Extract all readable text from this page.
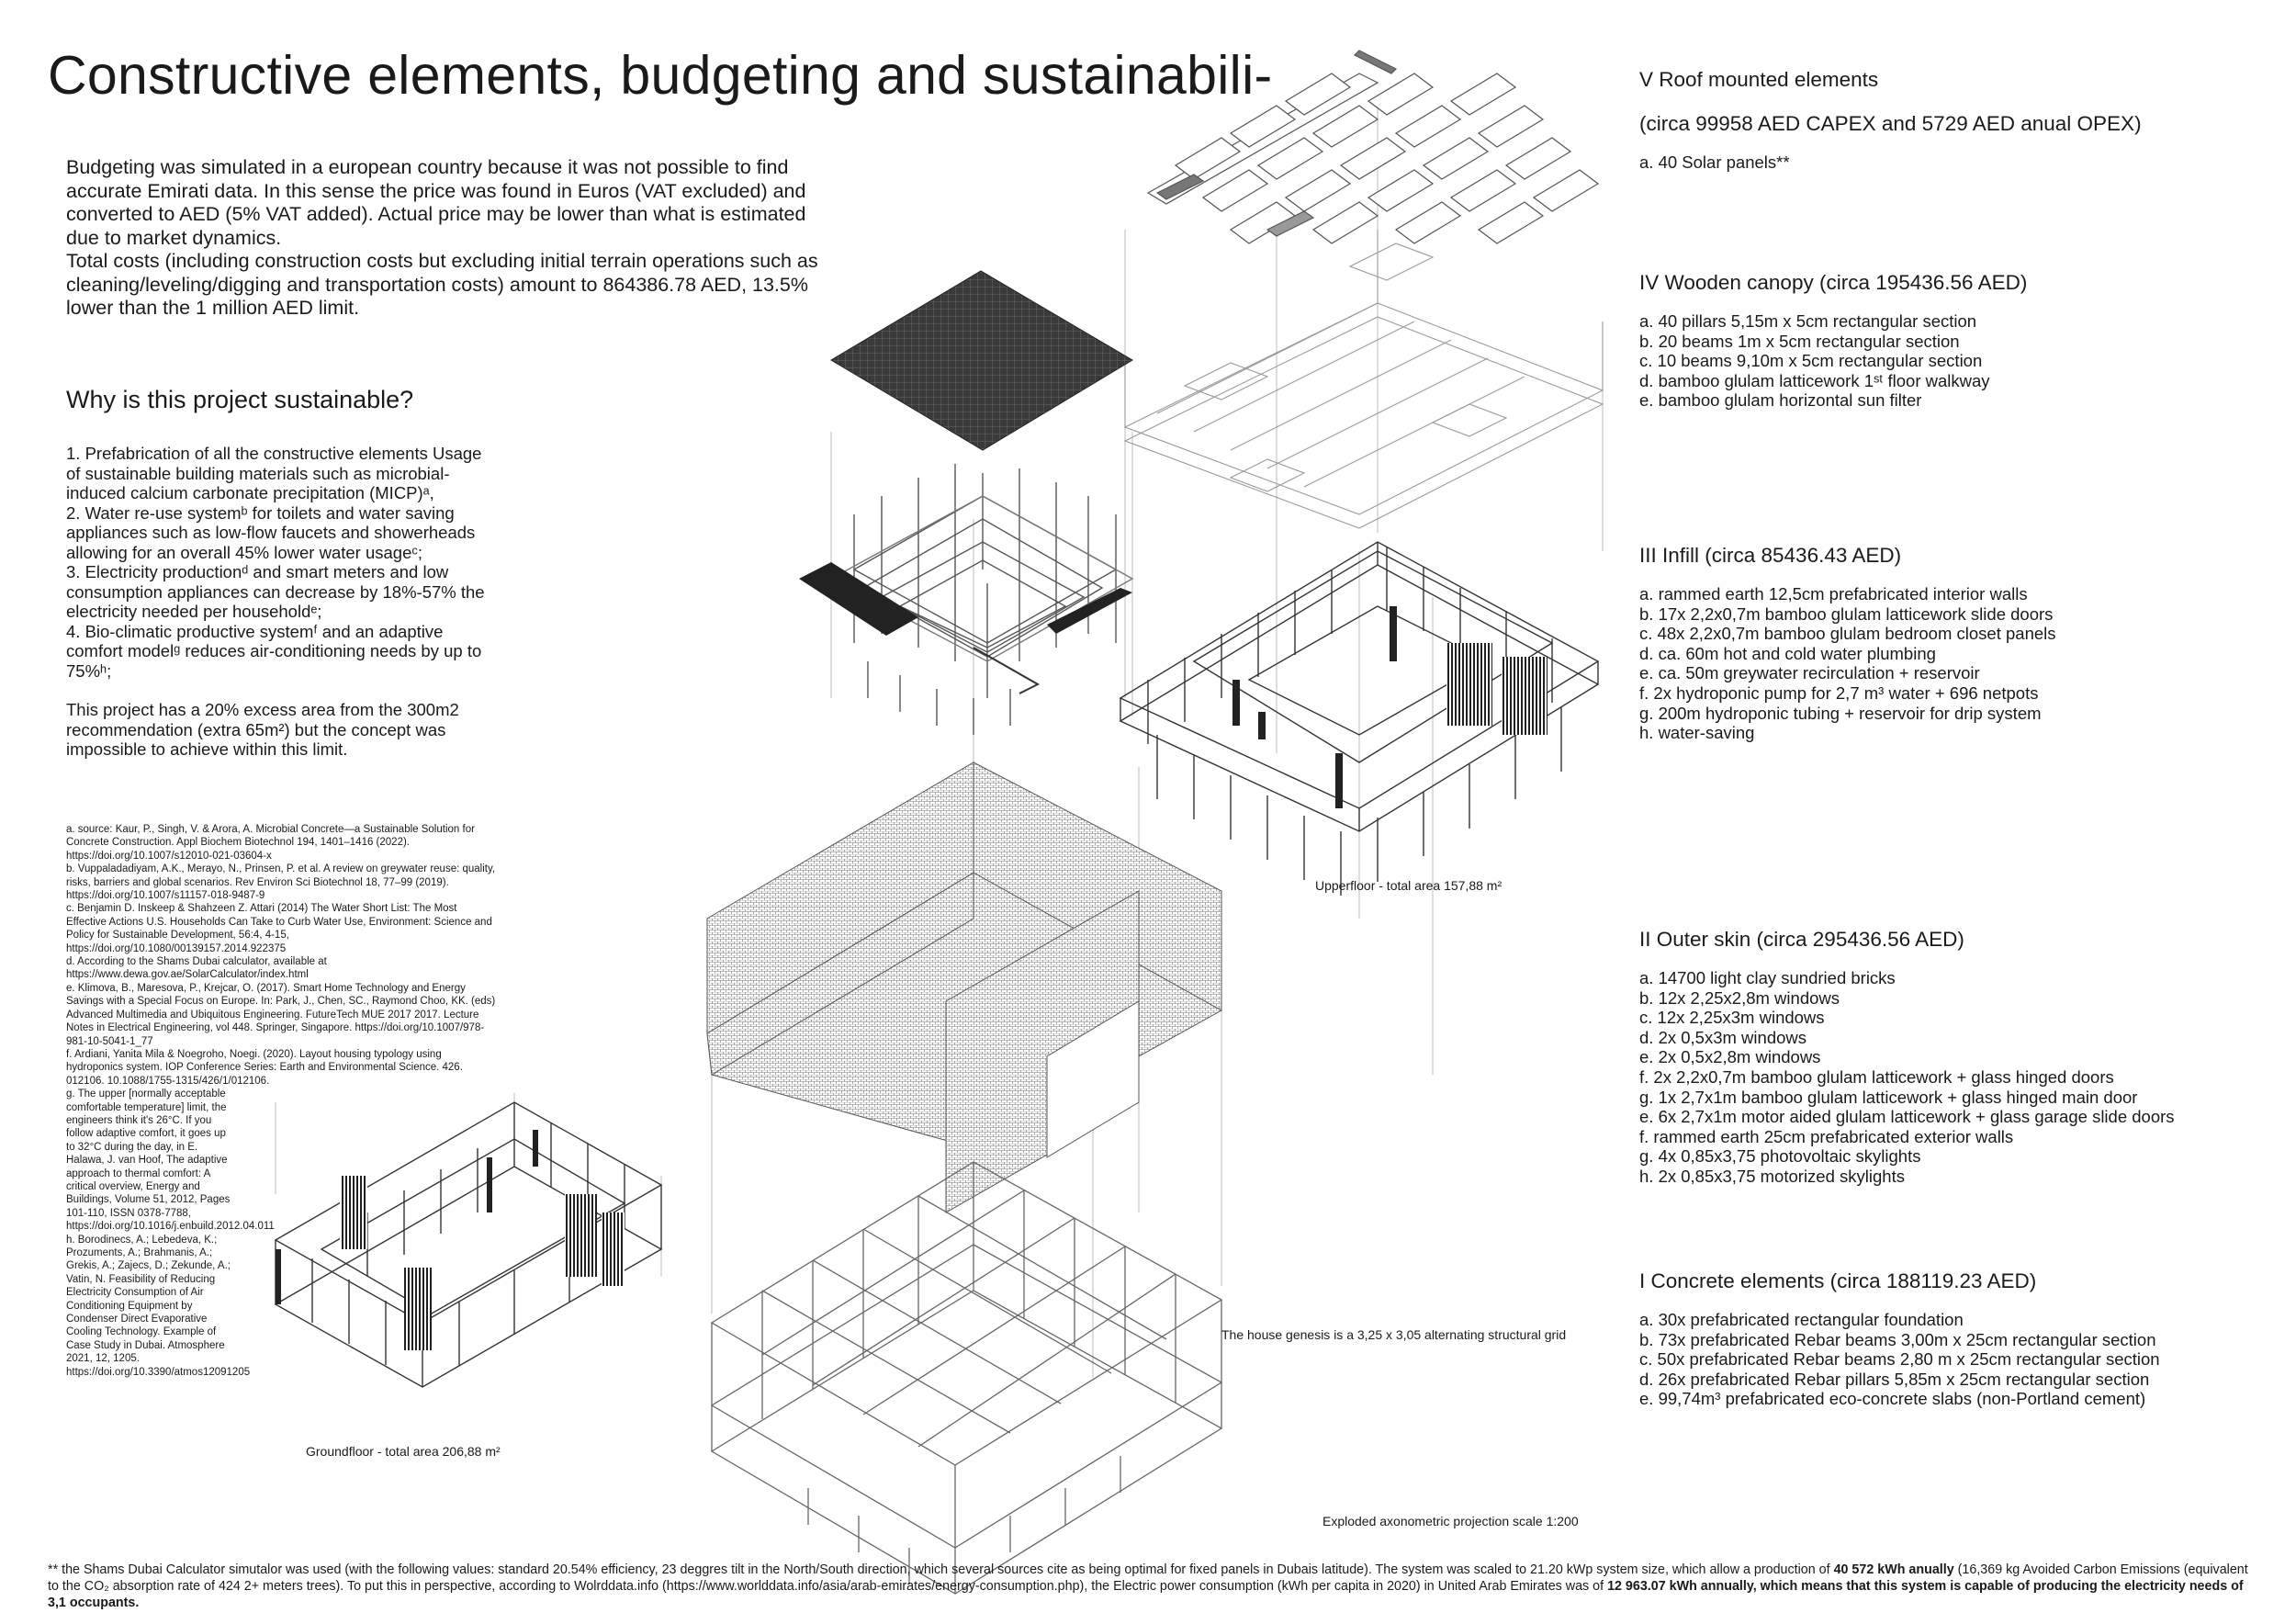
Constructive elements, budgeting and sustainabili-

Budgeting was simulated in a european country because it was not possible to find accurate Emirati data. In this sense the price was found in Euros (VAT excluded) and converted to AED (5% VAT added). Actual price may be lower than what is estimated due to market dynamics.

Total costs (including construction costs but excluding initial terrain operations such as cleaning/leveling/digging and transportation costs) amount to 864386.78 AED, 13.5% lower than the 1 million AED limit.

Why is this project sustainable?

1. Prefabrication of all the constructive elements Usage of sustainable building materials such as microbial-induced calcium carbonate precipitation (MICP)ᵃ,

2. Water re-use systemᵇ for toilets and water saving appliances such as low-flow faucets and showerheads allowing for an overall 45% lower water usageᶜ;

3. Electricity productionᵈ and smart meters and low consumption appliances can decrease by 18%-57% the electricity needed per householdᵉ;

4. Bio-climatic productive systemᶠ and an adaptive comfort modelᵍ reduces air-conditioning needs by up to 75%ʰ;

This project has a 20% excess area from the 300m2 recommendation (extra 65m²) but the concept was impossible to achieve within this limit.

a. source: Kaur, P., Singh, V. & Arora, A. Microbial Concrete—a Sustainable Solution for Concrete Construction. Appl Biochem Biotechnol 194, 1401–1416 (2022). https://doi.org/10.1007/s12010-021-03604-x

b. Vuppaladadiyam, A.K., Merayo, N., Prinsen, P. et al. A review on greywater reuse: quality, risks, barriers and global scenarios. Rev Environ Sci Biotechnol 18, 77–99 (2019). https://doi.org/10.1007/s11157-018-9487-9

c. Benjamin D. Inskeep & Shahzeen Z. Attari (2014) The Water Short List: The Most Effective Actions U.S. Households Can Take to Curb Water Use, Environment: Science and Policy for Sustainable Development, 56:4, 4-15, https://doi.org/10.1080/00139157.2014.922375

d. According to the Shams Dubai calculator, available at https://www.dewa.gov.ae/SolarCalculator/index.html

e. Klimova, B., Maresova, P., Krejcar, O. (2017). Smart Home Technology and Energy Savings with a Special Focus on Europe. In: Park, J., Chen, SC., Raymond Choo, KK. (eds) Advanced Multimedia and Ubiquitous Engineering. FutureTech MUE 2017 2017. Lecture Notes in Electrical Engineering, vol 448. Springer, Singapore. https://doi.org/10.1007/978-981-10-5041-1_77

f. Ardiani, Yanita Mila & Noegroho, Noegi. (2020). Layout housing typology using hydroponics system. IOP Conference Series: Earth and Environmental Science. 426. 012106. 10.1088/1755-1315/426/1/012106.

g. The upper [normally acceptable comfortable temperature] limit, the engineers think it's 26°C. If you follow adaptive comfort, it goes up to 32°C during the day, in E. Halawa, J. van Hoof, The adaptive approach to thermal comfort: A critical overview, Energy and Buildings, Volume 51, 2012, Pages 101-110, ISSN 0378-7788, https://doi.org/10.1016/j.enbuild.2012.04.011

h. Borodinecs, A.; Lebedeva, K.; Prozuments, A.; Brahmanis, A.; Grekis, A.; Zajecs, D.; Zekunde, A.; Vatin, N. Feasibility of Reducing Electricity Consumption of Air Conditioning Equipment by Condenser Direct Evaporative Cooling Technology. Example of Case Study in Dubai. Atmosphere 2021, 12, 1205. https://doi.org/10.3390/atmos12091205

V Roof mounted elements

(circa 99958 AED CAPEX and 5729 AED anual OPEX)

a. 40 Solar panels**

IV Wooden canopy (circa 195436.56 AED)

a. 40 pillars 5,15m x 5cm rectangular section
b. 20 beams 1m x 5cm rectangular section
c. 10 beams 9,10m x 5cm rectangular section
d. bamboo glulam latticework 1ˢᵗ floor walkway
e. bamboo glulam horizontal sun filter

III Infill (circa 85436.43 AED)

a. rammed earth 12,5cm prefabricated interior walls
b. 17x 2,2x0,7m bamboo glulam latticework slide doors
c. 48x 2,2x0,7m bamboo glulam bedroom closet panels
d. ca. 60m hot and cold water plumbing
e. ca. 50m greywater recirculation + reservoir
f. 2x hydroponic pump for 2,7 m³ water + 696 netpots
g. 200m hydroponic tubing + reservoir for drip system
h. water-saving

II Outer skin (circa 295436.56 AED)

a. 14700 light clay sundried bricks
b. 12x 2,25x2,8m windows
c. 12x 2,25x3m windows
d. 2x 0,5x3m windows
e. 2x 0,5x2,8m windows
f. 2x 2,2x0,7m bamboo glulam latticework + glass hinged doors
g. 1x 2,7x1m bamboo glulam latticework + glass hinged main door
e. 6x 2,7x1m motor aided glulam latticework + glass garage slide doors
f. rammed earth 25cm prefabricated exterior walls
g. 4x 0,85x3,75 photovoltaic skylights
h. 2x 0,85x3,75 motorized skylights

I Concrete elements (circa 188119.23 AED)

a. 30x prefabricated rectangular foundation
b. 73x prefabricated Rebar beams 3,00m x 25cm rectangular section
c. 50x prefabricated Rebar beams 2,80 m x 25cm rectangular section
d. 26x prefabricated Rebar pillars 5,85m x 25cm rectangular section
e. 99,74m³ prefabricated eco-concrete slabs (non-Portland cement)
Upperfloor - total area 157,88 m²
Groundfloor - total area 206,88 m²
The house genesis is a 3,25 x 3,05 alternating structural grid
Exploded axonometric projection scale 1:200
** the Shams Dubai Calculator simutalor was used (with the following values: standard 20.54% efficiency, 23 deggres tilt in the North/South direction, which several sources cite as being optimal for fixed panels in Dubais latitude). The system was scaled to 21.20 kWp system size, which allow a production of 40 572 kWh anually (16,369 kg Avoided Carbon Emissions (equivalent to the CO₂ absorption rate of 424 2+ meters trees). To put this in perspective, according to Wolrddata.info (https://www.worlddata.info/asia/arab-emirates/energy-consumption.php), the Electric power consumption (kWh per capita in 2020) in United Arab Emirates was of 12 963.07 kWh annually, which means that this system is capable of producing the electricity needs of 3,1 occupants.
